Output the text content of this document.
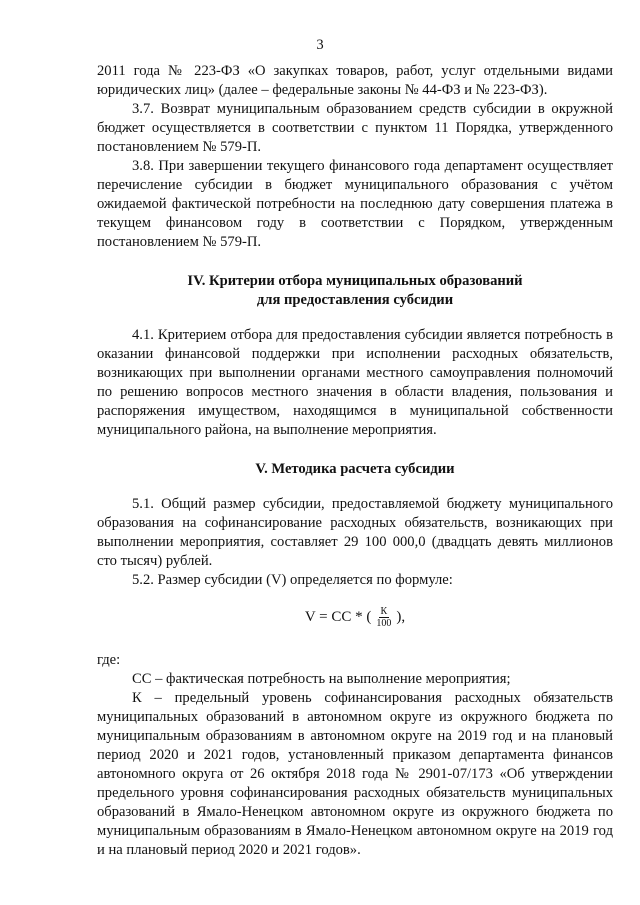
3

2011 года № 223-ФЗ «О закупках товаров, работ, услуг отдельными видами юридических лиц» (далее – федеральные законы № 44-ФЗ и № 223-ФЗ).

3.7. Возврат муниципальным образованием средств субсидии в окружной бюджет осуществляется в соответствии с пунктом 11 Порядка, утвержденного постановлением № 579-П.

3.8. При завершении текущего финансового года департамент осуществляет перечисление субсидии в бюджет муниципального образования с учётом ожидаемой фактической потребности на последнюю дату совершения платежа в текущем финансовом году в соответствии с Порядком, утвержденным постановлением № 579-П.

IV. Критерии отбора муниципальных образований
для предоставления субсидии

4.1. Критерием отбора для предоставления субсидии является потребность в оказании финансовой поддержки при исполнении расходных обязательств, возникающих при выполнении органами местного самоуправления полномочий по решению вопросов местного значения в области владения, пользования и распоряжения имуществом, находящимся в муниципальной собственности муниципального района, на выполнение мероприятия.

V. Методика расчета субсидии

5.1. Общий размер субсидии, предоставляемой бюджету муниципального образования на софинансирование расходных обязательств, возникающих при выполнении мероприятия, составляет 29 100 000,0 (двадцать девять миллионов сто тысяч) рублей.

5.2. Размер субсидии (V) определяется по формуле:

V = СС * ( $\frac{К}{100}$ ),

где:

СС – фактическая потребность на выполнение мероприятия;

К – предельный уровень софинансирования расходных обязательств муниципальных образований в автономном округе из окружного бюджета по муниципальным образованиям в автономном округе на 2019 год и на плановый период 2020 и 2021 годов, установленный приказом департамента финансов автономного округа от 26 октября 2018 года № 2901-07/173 «Об утверждении предельного уровня софинансирования расходных обязательств муниципальных образований в Ямало-Ненецком автономном округе из окружного бюджета по муниципальным образованиям в Ямало-Ненецком автономном округе на 2019 год и на плановый период 2020 и 2021 годов».
